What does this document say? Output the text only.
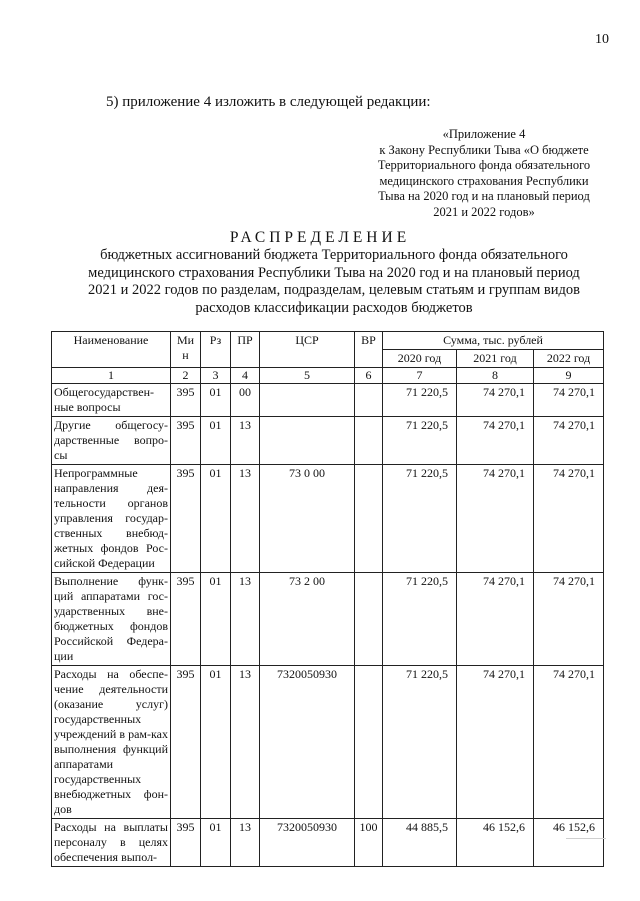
10
5) приложение 4 изложить в следующей редакции:
«Приложение 4
к Закону Республики Тыва «О бюджете
Территориального фонда обязательного
медицинского страхования Республики
Тыва на 2020 год и на плановый период
2021 и 2022 годов»
РАСПРЕДЕЛЕНИЕ
бюджетных ассигнований бюджета Территориального фонда обязательного
медицинского страхования Республики Тыва на 2020 год и на плановый период
2021 и 2022 годов по разделам, подразделам, целевым статьям и группам видов
расходов классификации расходов бюджетов
Наименование	Ми н	Рз	ПР	ЦСР	ВР	Сумма, тыс. рублей		
						2020 год	2021 год	2022 год
1	2	3	4	5	6	7	8	9
Общегосударствен-ные вопросы	395	01	00			71 220,5	74 270,1	74 270,1
Другие общегосу-дарственные вопро-сы	395	01	13			71 220,5	74 270,1	74 270,1
Непрограммные направления дея-тельности органов управления государ-ственных внебюд-жетных фондов Рос-сийской Федерации	395	01	13	73 0 00		71 220,5	74 270,1	74 270,1
Выполнение функ-ций аппаратами гос-ударственных вне-бюджетных фондов Российской Федера-ции	395	01	13	73 2 00		71 220,5	74 270,1	74 270,1
Расходы на обеспе-чение деятельности (оказание услуг) государственных учреждений в рам-ках выполнения функций аппаратами государственных внебюджетных фон-дов	395	01	13	7320050930		71 220,5	74 270,1	74 270,1
Расходы на выплаты персоналу в целях обеспечения выпол-	395	01	13	7320050930	100	44 885,5	46 152,6	46 152,6
